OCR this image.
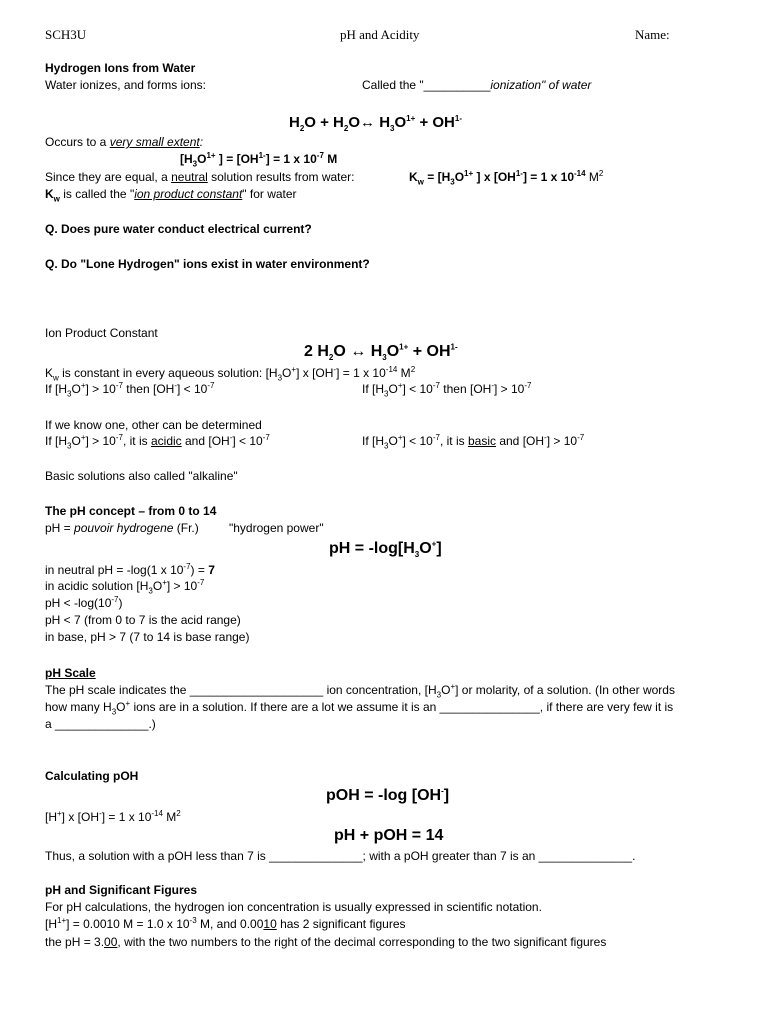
SCH3U	pH and Acidity	Name:
Hydrogen Ions from Water
Water ionizes, and forms ions:	Called the "__________ionization" of water
$H_2O$ + $H_2O\leftrightarrow$ $H_3O^{1+} + OH^{1-}$
Occurs to a very small extent:
[$H_3O^{1+}$ ] = $[OH^{1-}] = 1$ x $10^{-7}$ M
Since they are equal, a neutral solution results from water:	$K_w = [H_3O^{1+}$ ] x $[OH^{1-}] = 1$ x $10^{-14}$ $M^2$
$K_w$ is called the "ion product constant" for water
Q. Does pure water conduct electrical current?
Q. Do "Lone Hydrogen" ions exist in water environment?
Ion Product Constant
2 $H_2O$ ↔ $H_3O^{1+} + OH^{1-}$
$K_w$ is constant in every aqueous solution: $[H_3O^+]$ x [OH-] = 1 x $10^{-14}$ $M^2$
If $[H_3O^+] > 10^{-7}$ then $[OH^-] < 10^{-7}$	If $[H_3O^+] < 10^{-7}$ then $[OH^-] > 10^{-7}$
If we know one, other can be determined
If $[H_3O^+] > 10^{-7}$, it is acidic and $[OH^-] < 10^{-7}$	If $[H_3O^+] < 10^{-7}$, it is basic and $[OH^-] > 10^{-7}$
Basic solutions also called "alkaline"
The pH concept – from 0 to 14
pH = pouvoir hydrogene (Fr.)	"hydrogen power"
pH = $-\log[H_3O^+]$
in neutral pH = -log(1 x $10^{-7}) = 7$
in acidic solution $[H_3O^+] > 10^{-7}$
pH < $-\log(10^{-7})$
pH < 7 (from 0 to 7 is the acid range)
in base, pH > 7 (7 to 14 is base range)
pH Scale
The pH scale indicates the ____________________ ion concentration, $[H_3O^+]$ or molarity, of a solution. (In other words
how many $H_3O^+$ ions are in a solution. If there are a lot we assume it is an _______________, if there are very few it is
a ______________.)
Calculating pOH
pOH = -log [OH-]
[H+] x [OH-] = 1 x $10^{-14}$ $M^2$
pH + pOH = 14
Thus, a solution with a pOH less than 7 is ______________; with a pOH greater than 7 is an ______________.
pH and Significant Figures
For pH calculations, the hydrogen ion concentration is usually expressed in scientific notation.
$[H^{1+}] = 0.0010$ M = 1.0 x $10^{-3}$ M, and 0.0010 has 2 significant figures
the pH = 3.00, with the two numbers to the right of the decimal corresponding to the two significant figures
